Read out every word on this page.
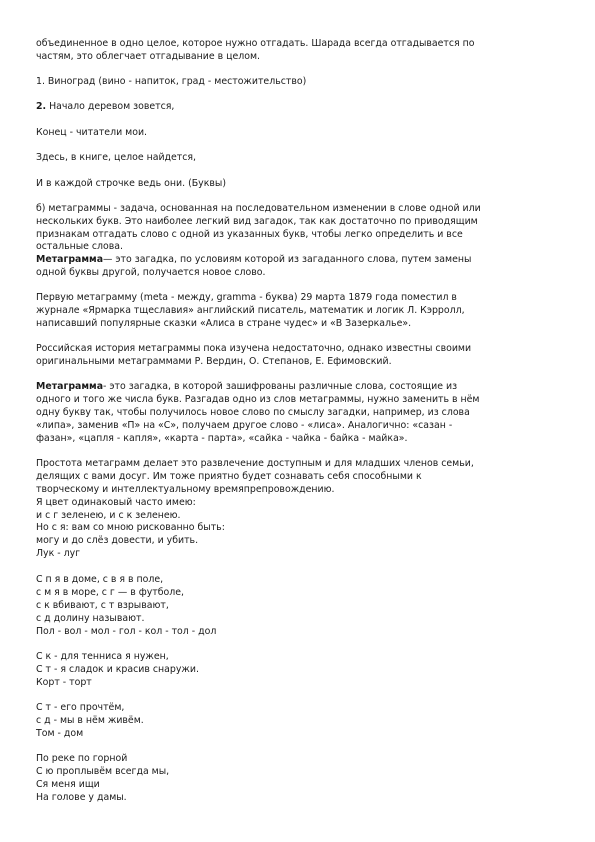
объединенное в одно целое, которое нужно отгадать. Шарада всегда отгадывается по

частям, это облегчает отгадывание в целом.

1. Виноград (вино - напиток, град - местожительство)

2. Начало деревом зовется,

Конец - читатели мои.

Здесь, в книге, целое найдется,

И в каждой строчке ведь они. (Буквы)

б) метаграммы - задача, основанная на последовательном изменении в слове одной или

нескольких букв. Это наиболее легкий вид загадок, так как достаточно по приводящим

признакам отгадать слово с одной из указанных букв, чтобы легко определить и все

остальные слова.

Метаграмма— это загадка, по условиям которой из загаданного слова, путем замены

одной буквы другой, получается новое слово.

Первую метаграмму (meta - между, gramma - буква) 29 марта 1879 года поместил в

журнале «Ярмарка тщеславия» английский писатель, математик и логик Л. Кэрролл,

написавший популярные сказки «Алиса в стране чудес» и «В Зазеркалье».

Российская история метаграммы пока изучена недостаточно, однако известны своими

оригинальными метаграммами Р. Вердин, О. Степанов, Е. Ефимовский.

Метаграмма- это загадка, в которой зашифрованы различные слова, состоящие из

одного и того же числа букв. Разгадав одно из слов метаграммы, нужно заменить в нём

одну букву так, чтобы получилось новое слово по смыслу загадки, например, из слова

«липа», заменив «П» на «С», получаем другое слово - «лиса». Аналогично: «сазан -

фазан», «цапля - капля», «карта - парта», «сайка - чайка - байка - майка».

Простота метаграмм делает это развлечение доступным и для младших членов семьи,

делящих с вами досуг. Им тоже приятно будет сознавать себя способными к

творческому и интеллектуальному времяпрепровождению.

Я цвет одинаковый часто имею:

и с г зеленею, и с к зеленею.

Но с я: вам со мною рискованно быть:

могу и до слёз довести, и убить.

Лук - луг

С п я в доме, с в я в поле,

с м я в море, с г — в футболе,

с к вбивают, с т взрывают,

с д долину называют.

Пол - вол - мол - гол - кол - тол - дол

С к - для тенниса я нужен,

С т - я сладок и красив снаружи.

Корт - торт

С т - его прочтём,

с д - мы в нём живём.

Том - дом

По реке по горной

С ю проплывём всегда мы,

Cя меня ищи

На голове у дамы.
